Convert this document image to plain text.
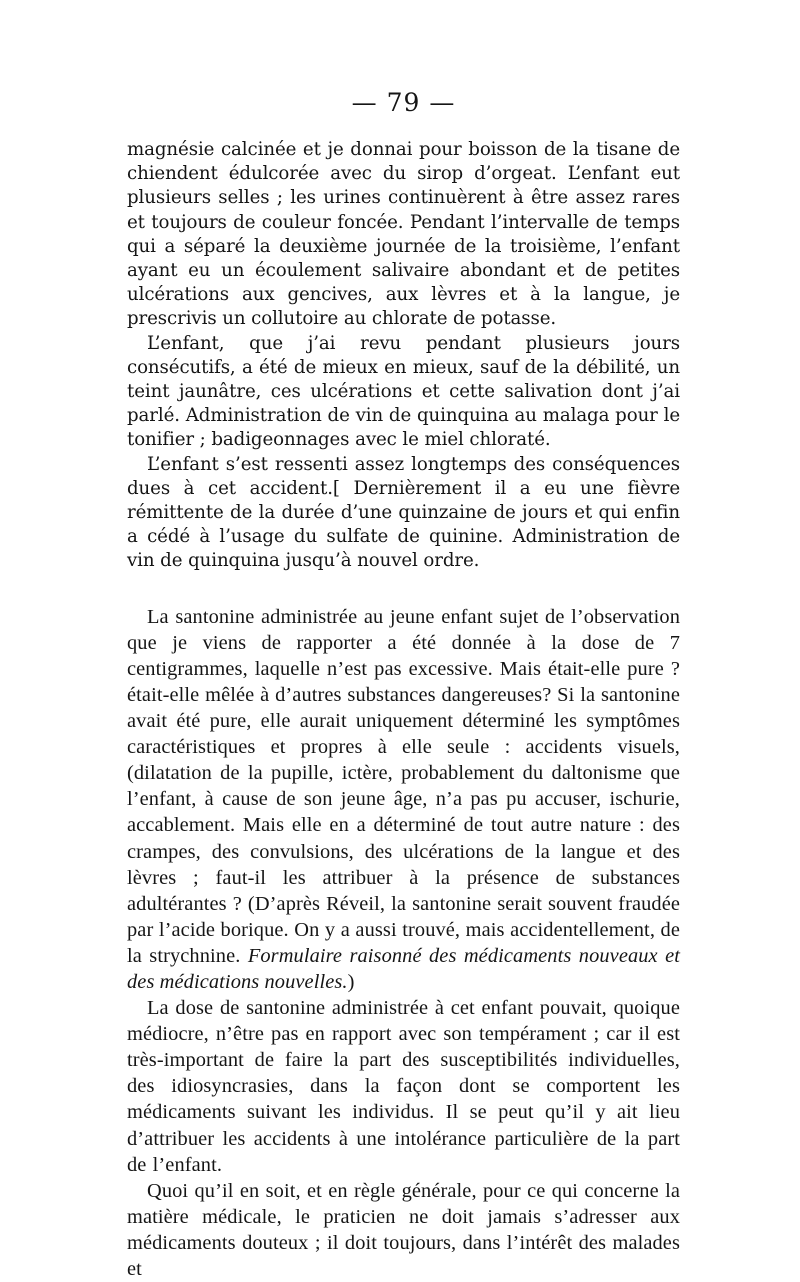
— 79 —

magnésie calcinée et je donnai pour boisson de la tisane de chiendent édulcorée avec du sirop d’orgeat. L’enfant eut plusieurs selles ; les urines continuèrent à être assez rares et toujours de couleur foncée. Pendant l’intervalle de temps qui a séparé la deuxième journée de la troisième, l’enfant ayant eu un écoulement salivaire abondant et de petites ulcérations aux gencives, aux lèvres et à la langue, je prescrivis un collutoire au chlorate de potasse.

L’enfant, que j’ai revu pendant plusieurs jours consécutifs, a été de mieux en mieux, sauf de la débilité, un teint jaunâtre, ces ulcérations et cette salivation dont j’ai parlé. Administration de vin de quinquina au malaga pour le tonifier ; badigeonnages avec le miel chloraté.

L’enfant s’est ressenti assez longtemps des conséquences dues à cet accident.[ Dernièrement il a eu une fièvre rémittente de la durée d’une quinzaine de jours et qui enfin a cédé à l’usage du sulfate de quinine. Administration de vin de quinquina jusqu’à nouvel ordre.

La santonine administrée au jeune enfant sujet de l’observation que je viens de rapporter a été donnée à la dose de 7 centigrammes, laquelle n’est pas excessive. Mais était-elle pure ? était-elle mêlée à d’autres substances dangereuses? Si la santonine avait été pure, elle aurait uniquement déterminé les symptômes caractéristiques et propres à elle seule : accidents visuels, (dilatation de la pupille, ictère, probablement du daltonisme que l’enfant, à cause de son jeune âge, n’a pas pu accuser, ischurie, accablement. Mais elle en a déterminé de tout autre nature : des crampes, des convulsions, des ulcérations de la langue et des lèvres ; faut-il les attribuer à la présence de substances adultérantes ? (D’après Réveil, la santonine serait souvent fraudée par l’acide borique. On y a aussi trouvé, mais accidentellement, de la strychnine. Formulaire raisonné des médicaments nouveaux et des médications nouvelles.)

La dose de santonine administrée à cet enfant pouvait, quoique médiocre, n’être pas en rapport avec son tempérament ; car il est très-important de faire la part des susceptibilités individuelles, des idiosyncrasies, dans la façon dont se comportent les médicaments suivant les individus. Il se peut qu’il y ait lieu d’attribuer les accidents à une intolérance particulière de la part de l’enfant.

Quoi qu’il en soit, et en règle générale, pour ce qui concerne la matière médicale, le praticien ne doit jamais s’adresser aux médicaments douteux ; il doit toujours, dans l’intérêt des malades et
